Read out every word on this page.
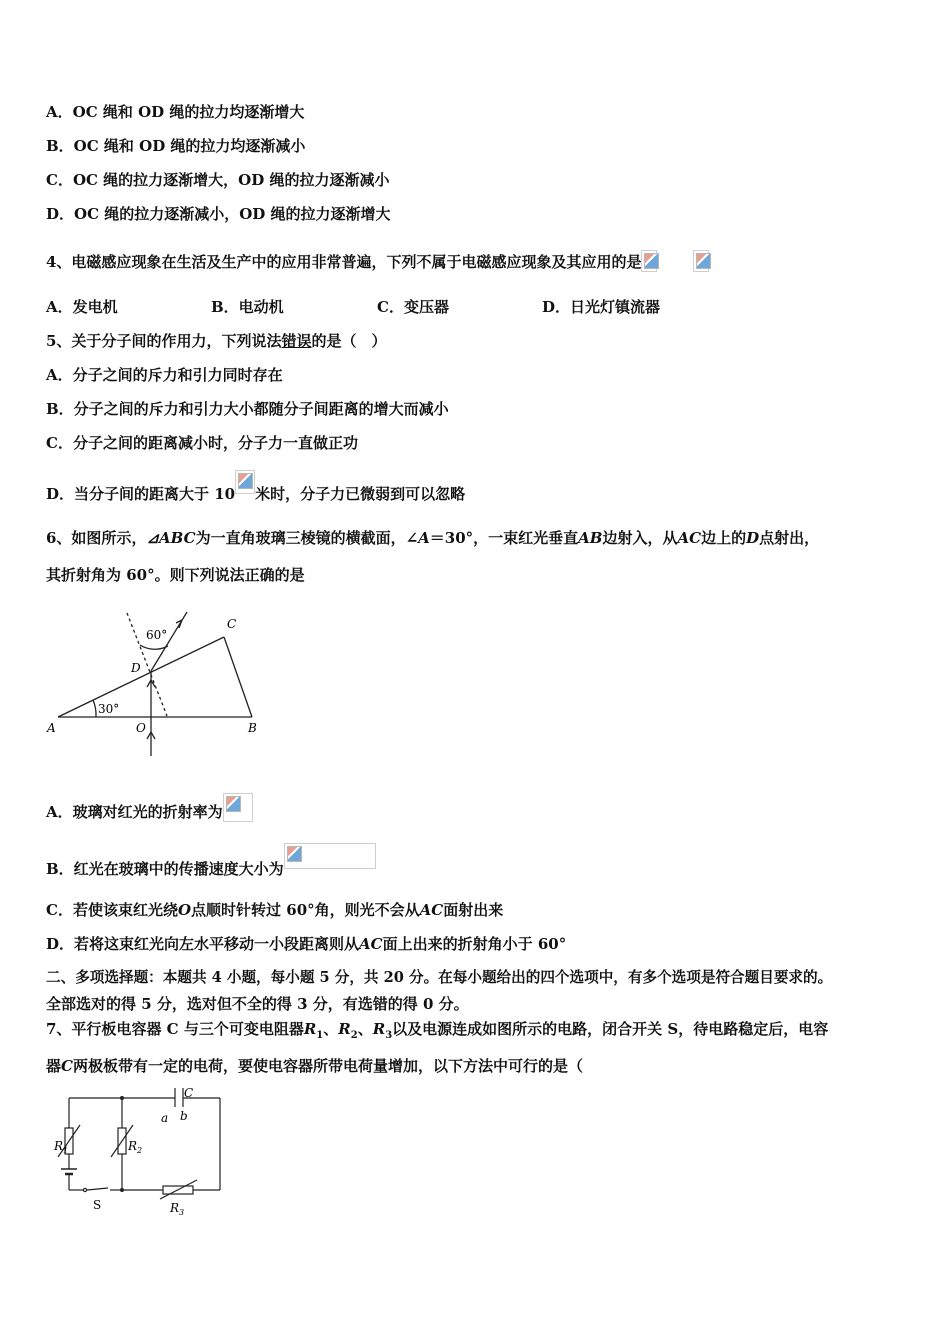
A．OC 绳和 OD 绳的拉力均逐渐增大
B．OC 绳和 OD 绳的拉力均逐渐减小
C．OC 绳的拉力逐渐增大，OD 绳的拉力逐渐减小
D．OC 绳的拉力逐渐减小，OD 绳的拉力逐渐增大
4、电磁感应现象在生活及生产中的应用非常普遍，下列不属于电磁感应现象及其应用的是
A．发电机	B．电动机	C．变压器	D．日光灯镇流器
5、关于分子间的作用力，下列说法错误的是（　）
A．分子之间的斥力和引力同时存在
B．分子之间的斥力和引力大小都随分子间距离的增大而减小
C．分子之间的距离减小时，分子力一直做正功
D．当分子间的距离大于 10 米时，分子力已微弱到可以忽略
6、如图所示，⊿ABC为一直角玻璃三棱镜的横截面，∠A＝30°，一束红光垂直AB边射入，从AC边上的D点射出，
其折射角为 60°。则下列说法正确的是
60°
30°
A	B
C
D
O
A．玻璃对红光的折射率为
B．红光在玻璃中的传播速度大小为
C．若使该束红光绕O点顺时针转过 60°角，则光不会从AC面射出来
D．若将这束红光向左水平移动一小段距离则从AC面上出来的折射角小于 60°
二、多项选择题：本题共 4 小题，每小题 5 分，共 20 分。在每小题给出的四个选项中，有多个选项是符合题目要求的。
全部选对的得 5 分，选对但不全的得 3 分，有选错的得 0 分。
7、平行板电容器 C 与三个可变电阻器$R_1$、$R_2$、$R_3$以及电源连成如图所示的电路，闭合开关 S，待电路稳定后，电容
器C两极板带有一定的电荷，要使电容器所带电荷量增加，以下方法中可行的是（
C
a b
$R_1$	$R_2$
$R_3$
S
